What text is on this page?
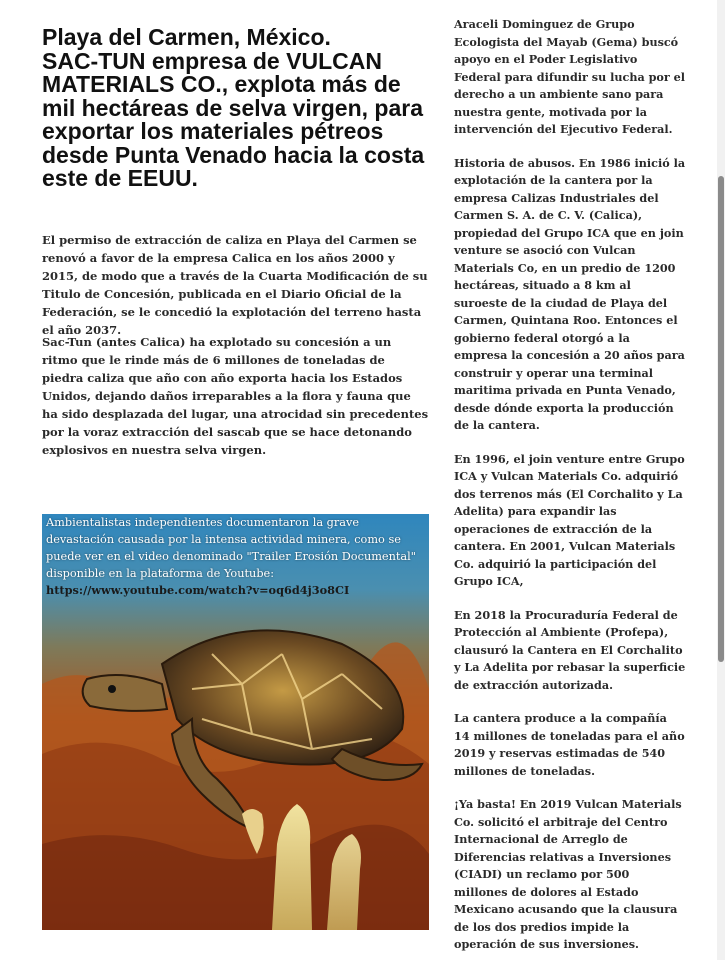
Playa del Carmen, México.
SAC-TUN empresa de VULCAN MATERIALS CO., explota más de mil hectáreas de selva virgen, para exportar los materiales pétreos desde Punta Venado hacia la costa este de EEUU.

El permiso de extracción de caliza en Playa del Carmen se renovó a favor de la empresa Calica en los años 2000 y 2015, de modo que a través de la Cuarta Modificación de su Titulo de Concesión, publicada en el Diario Oficial de la Federación, se le concedió la explotación del terreno hasta el año 2037.

Sac-Tun (antes Calica) ha explotado su concesión a un ritmo que le rinde más de 6 millones de toneladas de piedra caliza que año con año exporta hacia los Estados Unidos, dejando daños irreparables a la flora y fauna que ha sido desplazada del lugar, una atrocidad sin precedentes por la voraz extracción del sascab que se hace detonando explosivos en nuestra selva virgen.

Ambientalistas independientes documentaron la grave devastación causada por la intensa actividad minera, como se puede ver en el video denominado "Trailer Erosión Documental" disponible en la plataforma de Youtube:
https://www.youtube.com/watch?v=oq6d4j3o8CI

Araceli Dominguez de Grupo Ecologista del Mayab (Gema) buscó apoyo en el Poder Legislativo Federal para difundir su lucha por el derecho a un ambiente sano para nuestra gente, motivada por la intervención del Ejecutivo Federal.

Historia de abusos. En 1986 inició la explotación de la cantera por la empresa Calizas Industriales del Carmen S. A. de C. V. (Calica), propiedad del Grupo ICA que en join venture se asoció con Vulcan Materials Co, en un predio de 1200 hectáreas, situado a 8 km al suroeste de la ciudad de Playa del Carmen, Quintana Roo. Entonces el gobierno federal otorgó a la empresa la concesión a 20 años para construir y operar una terminal maritima privada en Punta Venado, desde dónde exporta la producción de la cantera.

En 1996, el join venture entre Grupo ICA y Vulcan Materials Co. adquirió dos terrenos más (El Corchalito y La Adelita) para expandir las operaciones de extracción de la cantera. En 2001, Vulcan Materials Co. adquirió la participación del Grupo ICA,

En 2018 la Procuraduría Federal de Protección al Ambiente (Profepa), clausuró la Cantera en El Corchalito y La Adelita por rebasar la superficie de extracción autorizada.

La cantera produce a la compañía 14 millones de toneladas para el año 2019 y reservas estimadas de 540 millones de toneladas.

¡Ya basta! En 2019 Vulcan Materials Co. solicitó el arbitraje del Centro Internacional de Arreglo de Diferencias relativas a Inversiones (CIADI) un reclamo por 500 millones de dolores al Estado Mexicano acusando que la clausura de los dos predios impide la operación de sus inversiones.
